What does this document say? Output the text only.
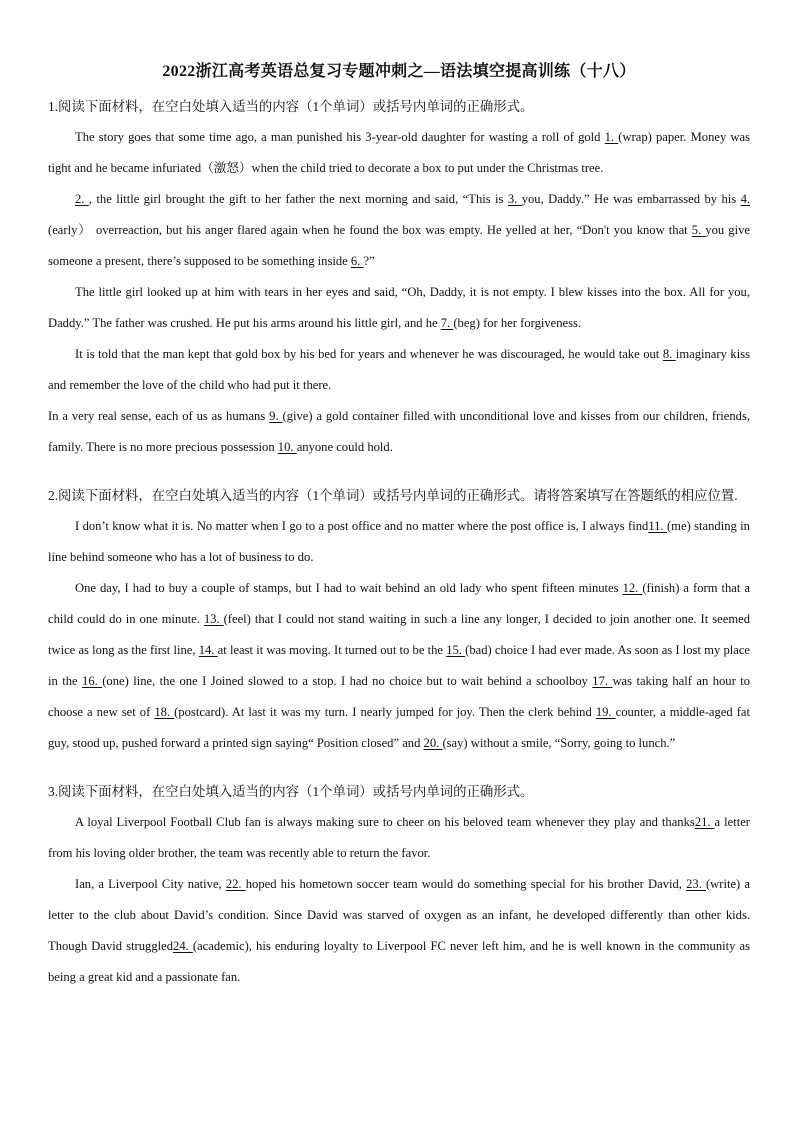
2022浙江高考英语总复习专题冲刺之—语法填空提高训练（十八）

1.阅读下面材料，在空白处填入适当的内容（1个单词）或括号内单词的正确形式。

The story goes that some time ago, a man punished his 3-year-old daughter for wasting a roll of gold 1. (wrap) paper. Money was tight and he became infuriated（激怒）when the child tried to decorate a box to put under the Christmas tree.

2. , the little girl brought the gift to her father the next morning and said, “This is 3. you, Daddy.” He was embarrassed by his 4. (early） overreaction, but his anger flared again when he found the box was empty. He yelled at her, “Don't you know that 5. you give someone a present, there’s supposed to be something inside 6. ?”

The little girl looked up at him with tears in her eyes and said, “Oh, Daddy, it is not empty. I blew kisses into the box. All for you, Daddy.” The father was crushed. He put his arms around his little girl, and he 7. (beg) for her forgiveness.

It is told that the man kept that gold box by his bed for years and whenever he was discouraged, he would take out 8. imaginary kiss and remember the love of the child who had put it there.

In a very real sense, each of us as humans 9. (give) a gold container filled with unconditional love and kisses from our children, friends, family. There is no more precious possession 10. anyone could hold.

2.阅读下面材料，在空白处填入适当的内容（1个单词）或括号内单词的正确形式。请将答案填写在答题纸的相应位置.

I don’t know what it is. No matter when I go to a post office and no matter where the post office is, I always find11. (me) standing in line behind someone who has a lot of business to do.

One day, I had to buy a couple of stamps, but I had to wait behind an old lady who spent fifteen minutes 12. (finish) a form that a child could do in one minute. 13. (feel) that I could not stand waiting in such a line any longer, I decided to join another one. It seemed twice as long as the first line, 14. at least it was moving. It turned out to be the 15. (bad) choice I had ever made. As soon as I lost my place in the 16. (one) line, the one I Joined slowed to a stop. I had no choice but to wait behind a schoolboy 17. was taking half an hour to choose a new set of 18. (postcard). At last it was my turn. I nearly jumped for joy. Then the clerk behind 19. counter, a middle-aged fat guy, stood up, pushed forward a printed sign saying“ Position closed” and 20. (say) without a smile, “Sorry, going to lunch.”

3.阅读下面材料，在空白处填入适当的内容（1个单词）或括号内单词的正确形式。

A loyal Liverpool Football Club fan is always making sure to cheer on his beloved team whenever they play and thanks21. a letter from his loving older brother, the team was recently able to return the favor.

Ian, a Liverpool City native, 22. hoped his hometown soccer team would do something special for his brother David, 23. (write) a letter to the club about David’s condition. Since David was starved of oxygen as an infant, he developed differently than other kids. Though David struggled24. (academic), his enduring loyalty to Liverpool FC never left him, and he is well known in the community as being a great kid and a passionate fan.
